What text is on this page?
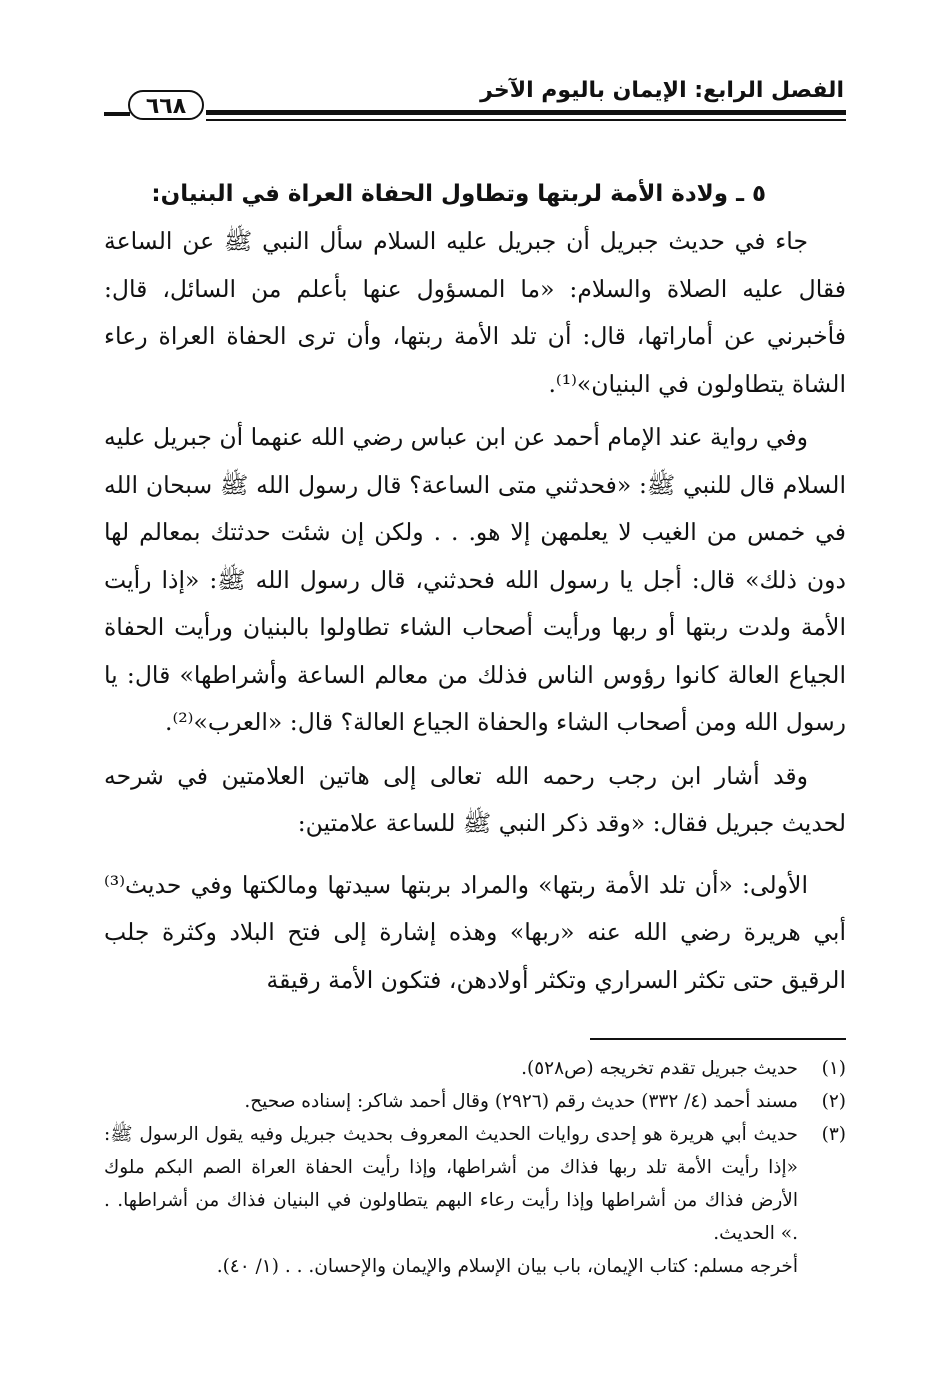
الفصل الرابع: الإيمان باليوم الآخر
٦٦٨

٥ ـ ولادة الأمة لربتها وتطاول الحفاة العراة في البنيان:

جاء في حديث جبريل أن جبريل عليه السلام سأل النبي ﷺ عن الساعة فقال عليه الصلاة والسلام: «ما المسؤول عنها بأعلم من السائل، قال: فأخبرني عن أماراتها، قال: أن تلد الأمة ربتها، وأن ترى الحفاة العراة رعاء الشاة يتطاولون في البنيان»⁽¹⁾.

وفي رواية عند الإمام أحمد عن ابن عباس رضي الله عنهما أن جبريل عليه السلام قال للنبي ﷺ: «فحدثني متى الساعة؟ قال رسول الله ﷺ سبحان الله في خمس من الغيب لا يعلمهن إلا هو. . . ولكن إن شئت حدثتك بمعالم لها دون ذلك» قال: أجل يا رسول الله فحدثني، قال رسول الله ﷺ: «إذا رأيت الأمة ولدت ربتها أو ربها ورأيت أصحاب الشاء تطاولوا بالبنيان ورأيت الحفاة الجياع العالة كانوا رؤوس الناس فذلك من معالم الساعة وأشراطها» قال: يا رسول الله ومن أصحاب الشاء والحفاة الجياع العالة؟ قال: «العرب»⁽²⁾.

وقد أشار ابن رجب رحمه الله تعالى إلى هاتين العلامتين في شرحه لحديث جبريل فقال: «وقد ذكر النبي ﷺ للساعة علامتين:

الأولى: «أن تلد الأمة ربتها» والمراد بربتها سيدتها ومالكتها وفي حديث⁽³⁾ أبي هريرة رضي الله عنه «ربها» وهذه إشارة إلى فتح البلاد وكثرة جلب الرقيق حتى تكثر السراري وتكثر أولادهن، فتكون الأمة رقيقة

(١)
حديث جبريل تقدم تخريجه (ص٥٢٨).
(٢)
مسند أحمد (٤/ ٣٣٢) حديث رقم (٢٩٢٦) وقال أحمد شاكر: إسناده صحيح.
(٣)
حديث أبي هريرة هو إحدى روايات الحديث المعروف بحديث جبريل وفيه يقول الرسول ﷺ: «إذا رأيت الأمة تلد ربها فذاك من أشراطها، وإذا رأيت الحفاة العراة الصم البكم ملوك الأرض فذاك من أشراطها وإذا رأيت رعاء البهم يتطاولون في البنيان فذاك من أشراطها. . .» الحديث.

أخرجه مسلم: كتاب الإيمان، باب بيان الإسلام والإيمان والإحسان. . . (١/ ٤٠).
